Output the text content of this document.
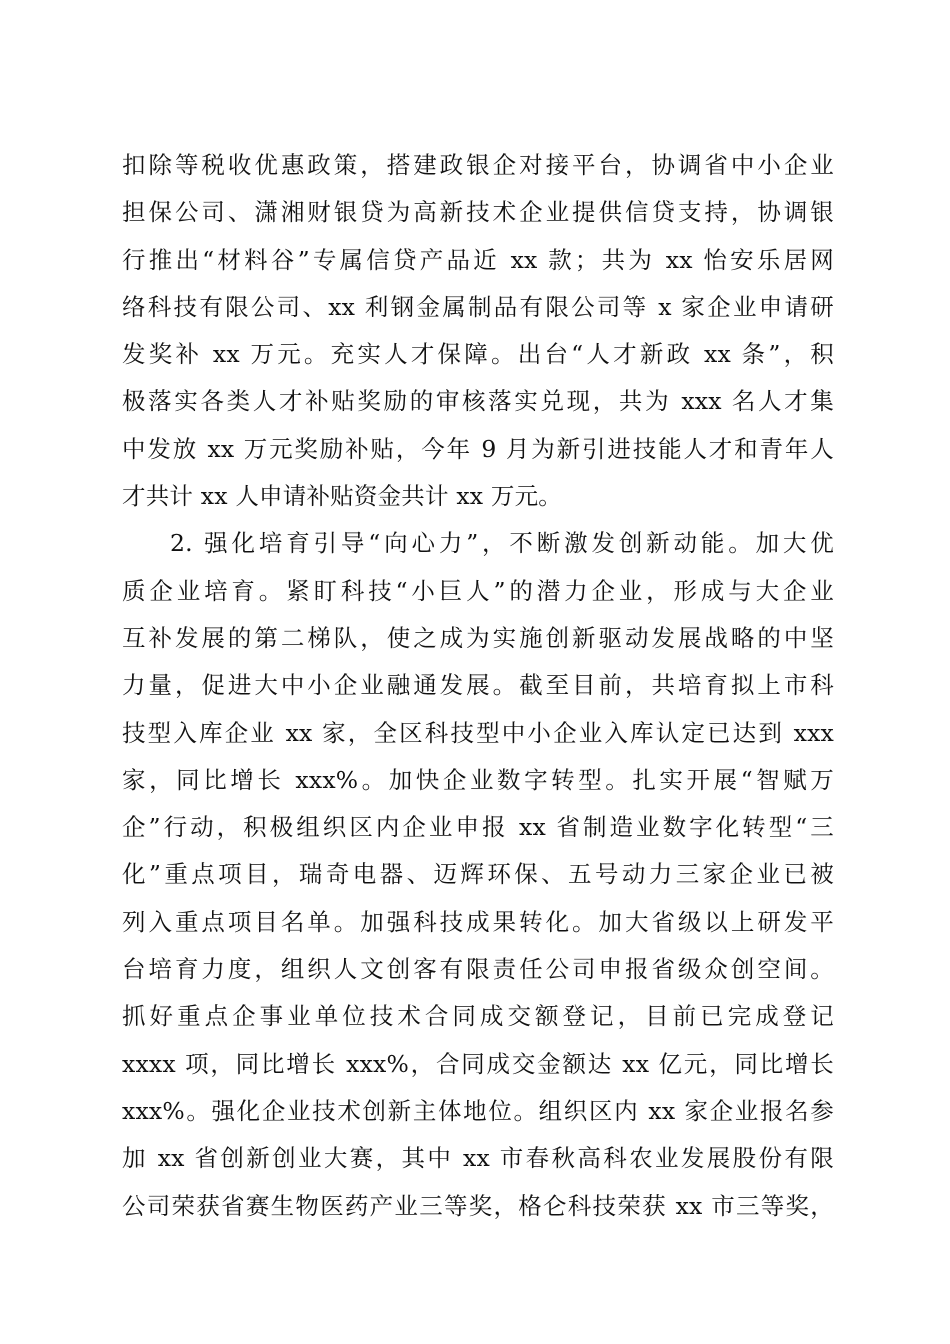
扣除等税收优惠政策，搭建政银企对接平台，协调省中小企业
担保公司、潇湘财银贷为高新技术企业提供信贷支持，协调银
行推出“材料谷”专属信贷产品近 xx 款；共为 xx 怡安乐居网
络科技有限公司、xx 利钢金属制品有限公司等 x 家企业申请研
发奖补 xx 万元。充实人才保障。出台“人才新政 xx 条”，积
极落实各类人才补贴奖励的审核落实兑现，共为 xxx 名人才集
中发放 xx 万元奖励补贴，今年 9 月为新引进技能人才和青年人
才共计 xx 人申请补贴资金共计 xx 万元。
2. 强化培育引导“向心力”，不断激发创新动能。加大优
质企业培育。紧盯科技“小巨人”的潜力企业，形成与大企业
互补发展的第二梯队，使之成为实施创新驱动发展战略的中坚
力量，促进大中小企业融通发展。截至目前，共培育拟上市科
技型入库企业 xx 家，全区科技型中小企业入库认定已达到 xxx
家，同比增长 xxx%。加快企业数字转型。扎实开展“智赋万
企”行动，积极组织区内企业申报 xx 省制造业数字化转型“三
化”重点项目，瑞奇电器、迈辉环保、五号动力三家企业已被
列入重点项目名单。加强科技成果转化。加大省级以上研发平
台培育力度，组织人文创客有限责任公司申报省级众创空间。
抓好重点企事业单位技术合同成交额登记，目前已完成登记
xxxx 项，同比增长 xxx%，合同成交金额达 xx 亿元，同比增长
xxx%。强化企业技术创新主体地位。组织区内 xx 家企业报名参
加 xx 省创新创业大赛，其中 xx 市春秋高科农业发展股份有限
公司荣获省赛生物医药产业三等奖，格仑科技荣获 xx 市三等奖，
